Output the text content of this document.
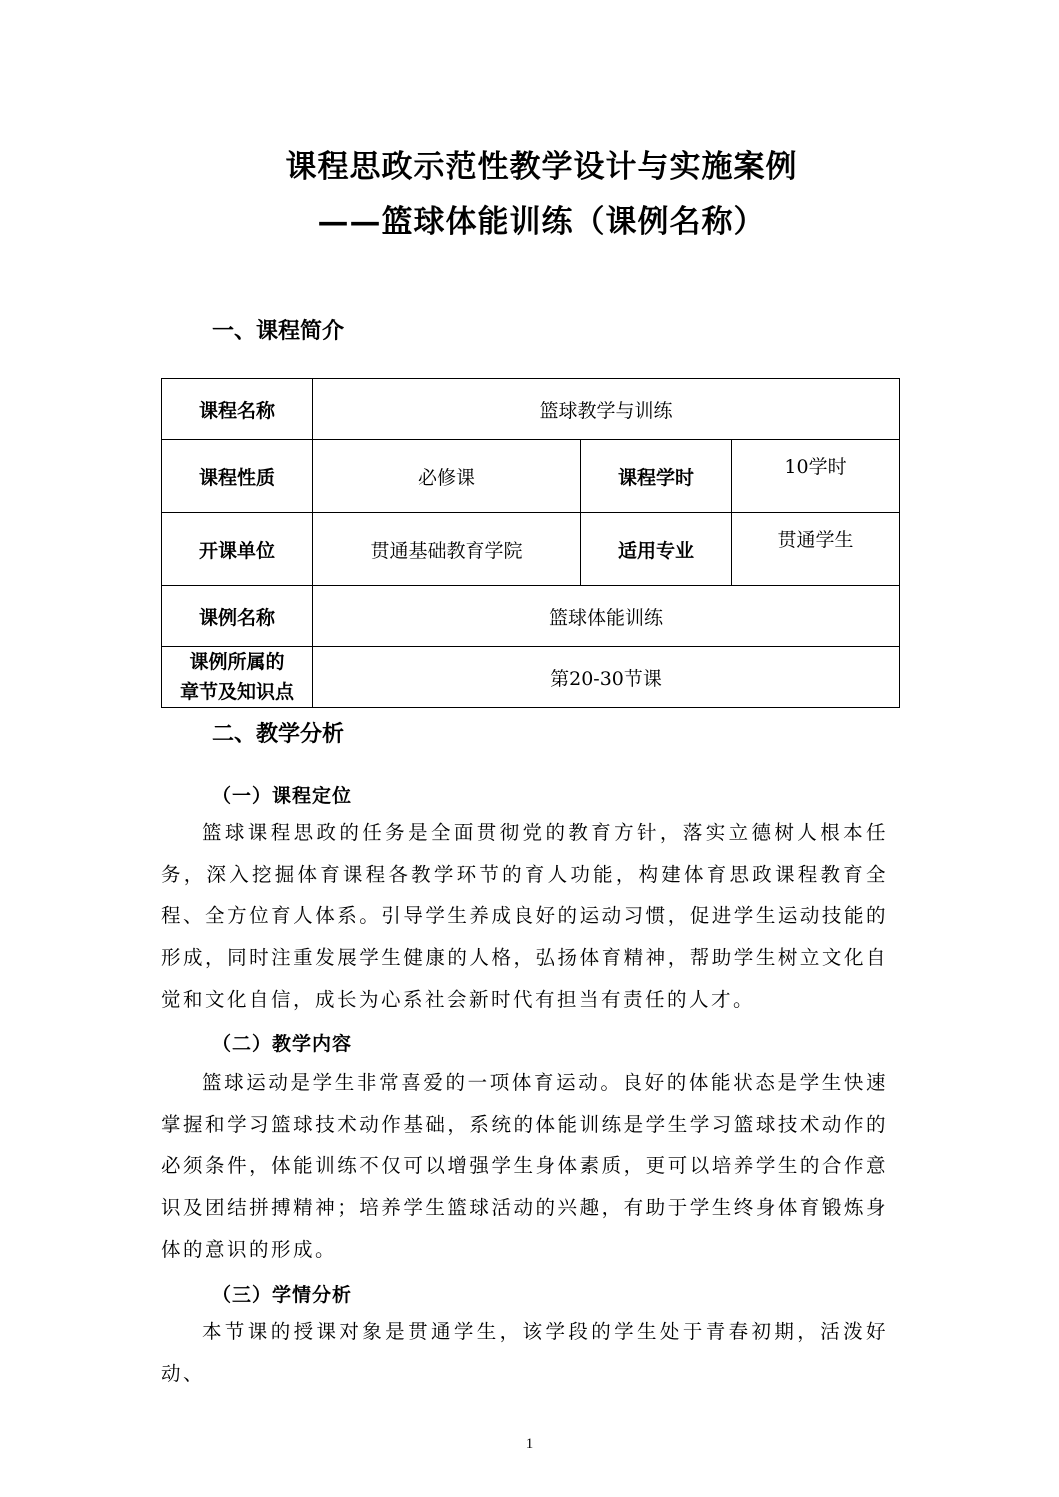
课程思政示范性教学设计与实施案例
——篮球体能训练（课例名称）
一、课程简介
课程名称	篮球教学与训练		
课程性质	必修课	课程学时	10学时
开课单位	贯通基础教育学院	适用专业	贯通学生
课例名称	篮球体能训练		

课例所属的
章节及知识点	第20-30节课		
二、教学分析
（一）课程定位
篮球课程思政的任务是全面贯彻党的教育方针，落实立德树人根本任务，深入挖掘体育课程各教学环节的育人功能，构建体育思政课程教育全程、全方位育人体系。引导学生养成良好的运动习惯，促进学生运动技能的形成，同时注重发展学生健康的人格，弘扬体育精神，帮助学生树立文化自觉和文化自信，成长为心系社会新时代有担当有责任的人才。
（二）教学内容
篮球运动是学生非常喜爱的一项体育运动。良好的体能状态是学生快速掌握和学习篮球技术动作基础，系统的体能训练是学生学习篮球技术动作的必须条件，体能训练不仅可以增强学生身体素质，更可以培养学生的合作意识及团结拼搏精神；培养学生篮球活动的兴趣，有助于学生终身体育锻炼身体的意识的形成。
（三）学情分析
本节课的授课对象是贯通学生，该学段的学生处于青春初期，活泼好动、
1
